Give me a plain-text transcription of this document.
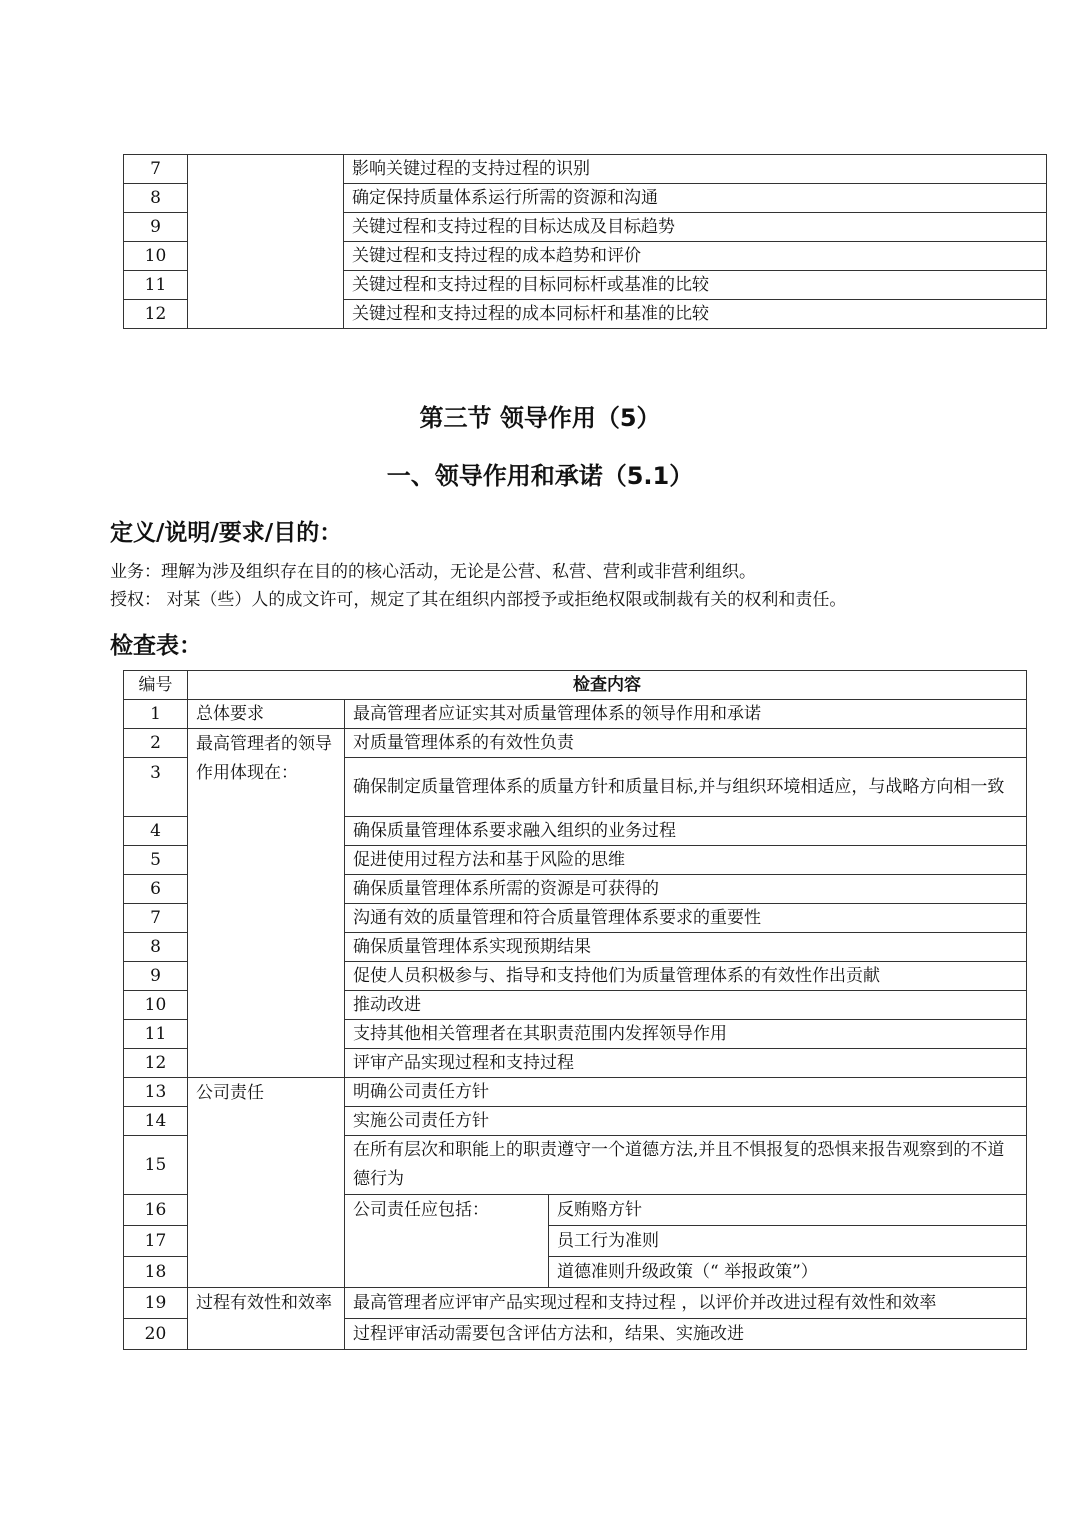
7		影响关键过程的支持过程的识别
8		确定保持质量体系运行所需的资源和沟通
9		关键过程和支持过程的目标达成及目标趋势
10		关键过程和支持过程的成本趋势和评价
11		关键过程和支持过程的目标同标杆或基准的比较
12		关键过程和支持过程的成本同标杆和基准的比较
第三节 领导作用（5）
一、领导作用和承诺（5.1）
定义/说明/要求/目的：
业务：理解为涉及组织存在目的的核心活动，无论是公营、私营、营利或非营利组织。
授权： 对某（些）人的成文许可，规定了其在组织内部授予或拒绝权限或制裁有关的权利和责任。
检查表：
编号	检查内容		
1	总体要求	最高管理者应证实其对质量管理体系的领导作用和承诺	
2	最高管理者的领导作用体现在：	对质量管理体系的有效性负责	
3		确保制定质量管理体系的质量方针和质量目标,并与组织环境相适应，与战略方向相一致	
4		确保质量管理体系要求融入组织的业务过程	
5		促进使用过程方法和基于风险的思维	
6		确保质量管理体系所需的资源是可获得的	
7		沟通有效的质量管理和符合质量管理体系要求的重要性	
8		确保质量管理体系实现预期结果	
9		促使人员积极参与、指导和支持他们为质量管理体系的有效性作出贡献	
10		推动改进	
11		支持其他相关管理者在其职责范围内发挥领导作用	
12		评审产品实现过程和支持过程	
13	公司责任	明确公司责任方针	
14		实施公司责任方针	
15		在所有层次和职能上的职责遵守一个道德方法,并且不惧报复的恐惧来报告观察到的不道德行为	
16		公司责任应包括：	反贿赂方针
17			员工行为准则
18			道德准则升级政策（“ 举报政策”）
19	过程有效性和效率	最高管理者应评审产品实现过程和支持过程 ，以评价并改进过程有效性和效率	
20		过程评审活动需要包含评估方法和，结果、实施改进	
